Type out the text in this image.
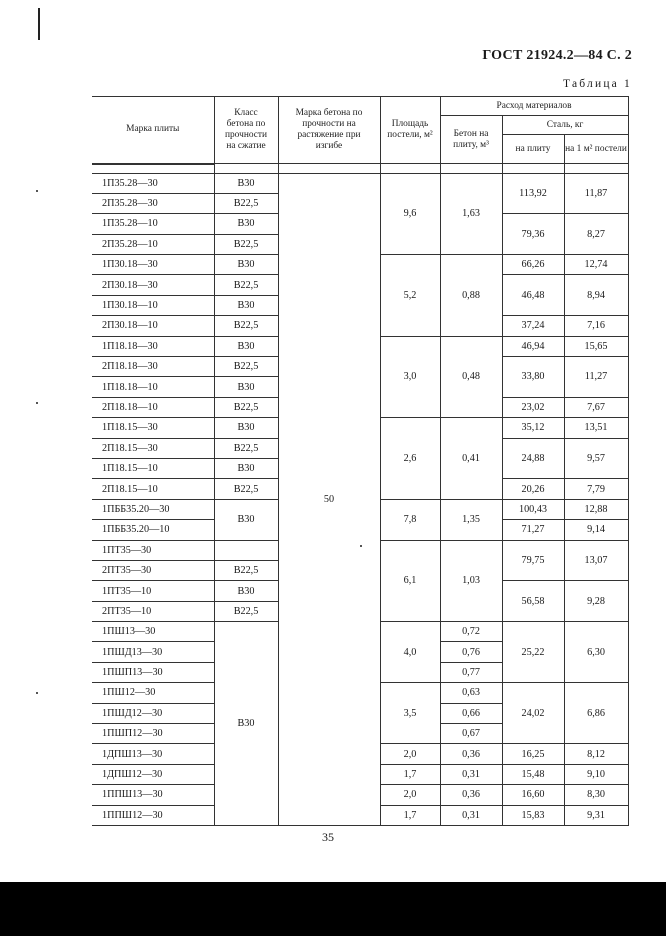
ГОСТ 21924.2—84 С. 2
Таблица 1
Марка плиты	Класс бетона по прочности на сжатие	Марка бетона по прочности на растяжение при изгибе	Площадь постели, м²	Расход материалов		
				Бетон на плиту, м³	Сталь, кг	
					на плиту	на 1 м² постели

1П35.28—30	B30	50	9,6	1,63	113,92	11,87
2П35.28—30	B22,5					
1П35.28—10	B30				79,36	8,27
2П35.28—10	B22,5					
1П30.18—30	B30		5,2	0,88	66,26	12,74
2П30.18—30	B22,5				46,48	8,94
1П30.18—10	B30					
2П30.18—10	B22,5				37,24	7,16
1П18.18—30	B30		3,0	0,48	46,94	15,65
2П18.18—30	B22,5				33,80	11,27
1П18.18—10	B30					
2П18.18—10	B22,5				23,02	7,67
1П18.15—30	B30		2,6	0,41	35,12	13,51
2П18.15—30	B22,5				24,88	9,57
1П18.15—10	B30					
2П18.15—10	B22,5				20,26	7,79
1ПББ35.20—30	B30		7,8	1,35	100,43	12,88
1ПББ35.20—10					71,27	9,14
1ПТ35—30			6,1	1,03	79,75	13,07
2ПТ35—30	B22,5					
1ПТ35—10	B30				56,58	9,28
2ПТ35—10	B22,5					
1ПШ13—30	B30		4,0	0,72	25,22	6,30
1ПШД13—30				0,76		
1ПШП13—30				0,77		
1ПШ12—30			3,5	0,63	24,02	6,86
1ПШД12—30				0,66		
1ПШП12—30				0,67		
1ДПШ13—30			2,0	0,36	16,25	8,12
1ДПШ12—30			1,7	0,31	15,48	9,10
1ППШ13—30			2,0	0,36	16,60	8,30
1ППШ12—30			1,7	0,31	15,83	9,31
35
